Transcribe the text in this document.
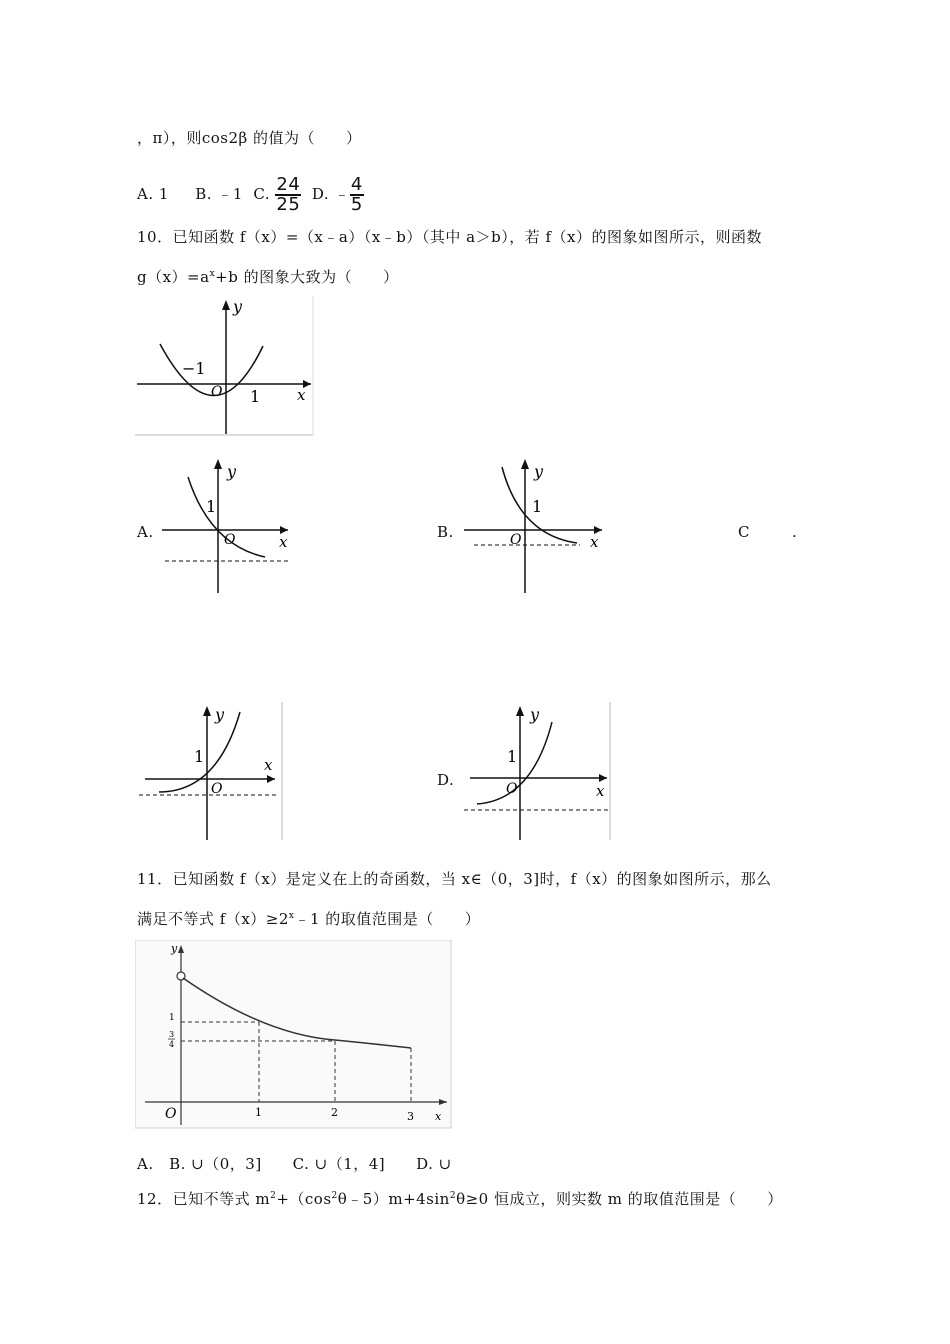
，π），则cos2β 的值为（　　）
A. 1 B. ﹣1 C. $\frac{24}{25} D$. ﹣ $\frac{4}{5}$
10．已知函数 f（x）=（x﹣a）（x﹣b）（其中 a＞b），若 f（x）的图象如图所示，则函数
$g(x)=a^x+b$ 的图象大致为（　　）
y
x
O
−1
1
A.
y
x
O
1
B.
y
x
O
1
C	.
y
x
O
1
D.
y
x
O
1
11．已知函数 f（x）是定义在上的奇函数，当 x∈（0，3]时，f（x）的图象如图所示，那么
满足不等式 $f(x)\ge 2^x﹣1$ 的取值范围是（　　）
y
x
O
1
3
4
1	2	3
A.　B. ∪（0，3]　　C. ∪（1，4]　　D. ∪
12．已知不等式 $m^2+(\cos^2\theta﹣5)m+4\sin^2\theta\ge 0$ 恒成立，则实数 m 的取值范围是（　　）
